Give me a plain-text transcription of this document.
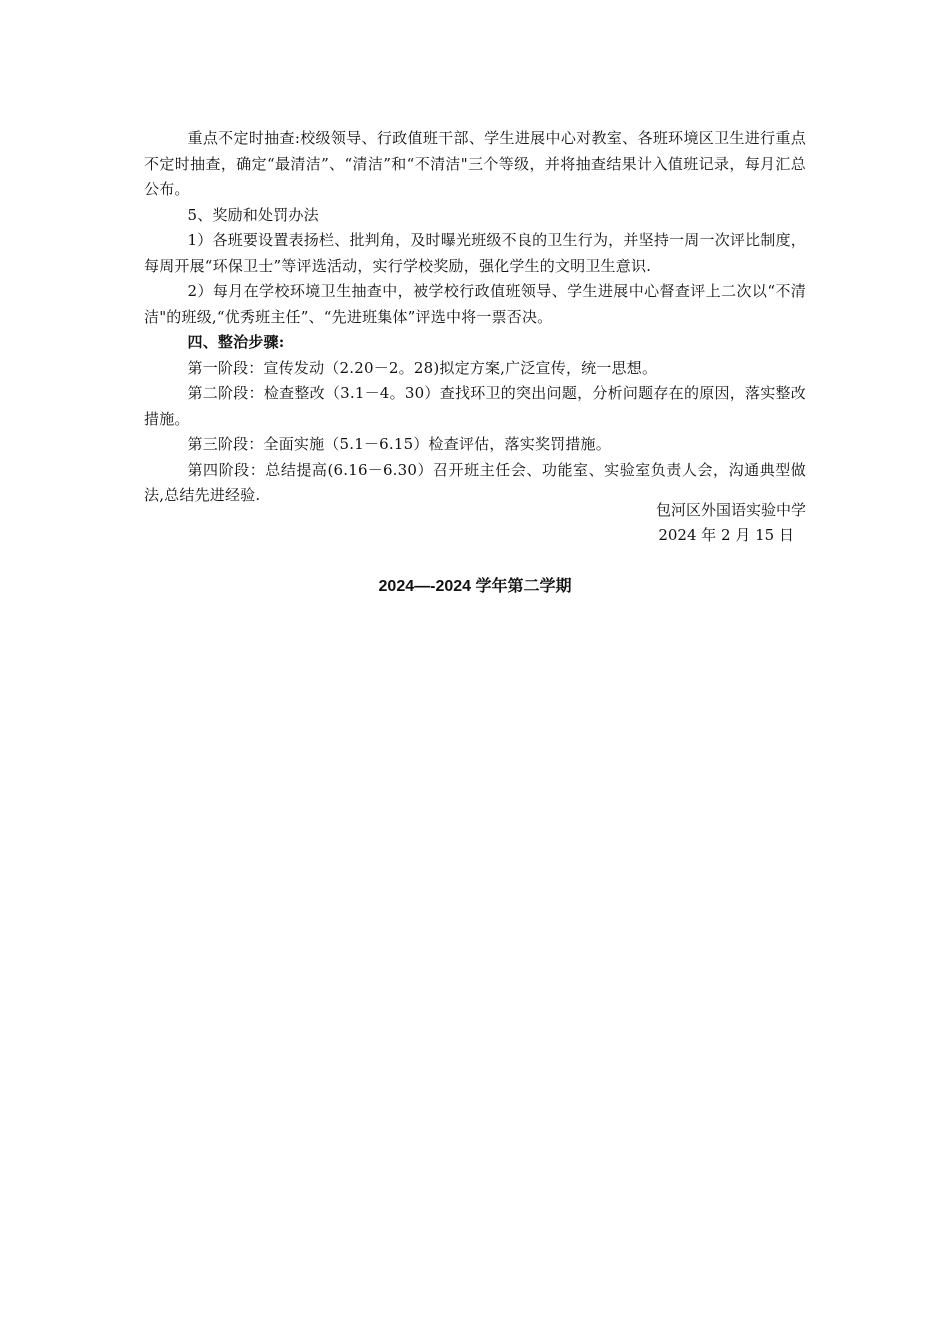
重点不定时抽查:校级领导、行政值班干部、学生进展中心对教室、各班环境区卫生进行重点不定时抽查，确定“最清洁”、“清洁”和“不清洁"三个等级，并将抽查结果计入值班记录，每月汇总公布。

5、奖励和处罚办法

1）各班要设置表扬栏、批判角，及时曝光班级不良的卫生行为，并坚持一周一次评比制度，每周开展“环保卫士”等评选活动，实行学校奖励，强化学生的文明卫生意识.

2）每月在学校环境卫生抽查中，被学校行政值班领导、学生进展中心督查评上二次以“不清洁"的班级,“优秀班主任”、“先进班集体”评选中将一票否决。

四、整治步骤:

第一阶段：宣传发动（2.20－2。28)拟定方案,广泛宣传，统一思想。

第二阶段：检查整改（3.1－4。30）查找环卫的突出问题，分析问题存在的原因，落实整改措施。

第三阶段：全面实施（5.1－6.15）检查评估，落实奖罚措施。

第四阶段：总结提高(6.16－6.30）召开班主任会、功能室、实验室负责人会，沟通典型做法,总结先进经验.

包河区外国语实验中学
2024 年 2 月 15 日
2024—-2024 学年第二学期
